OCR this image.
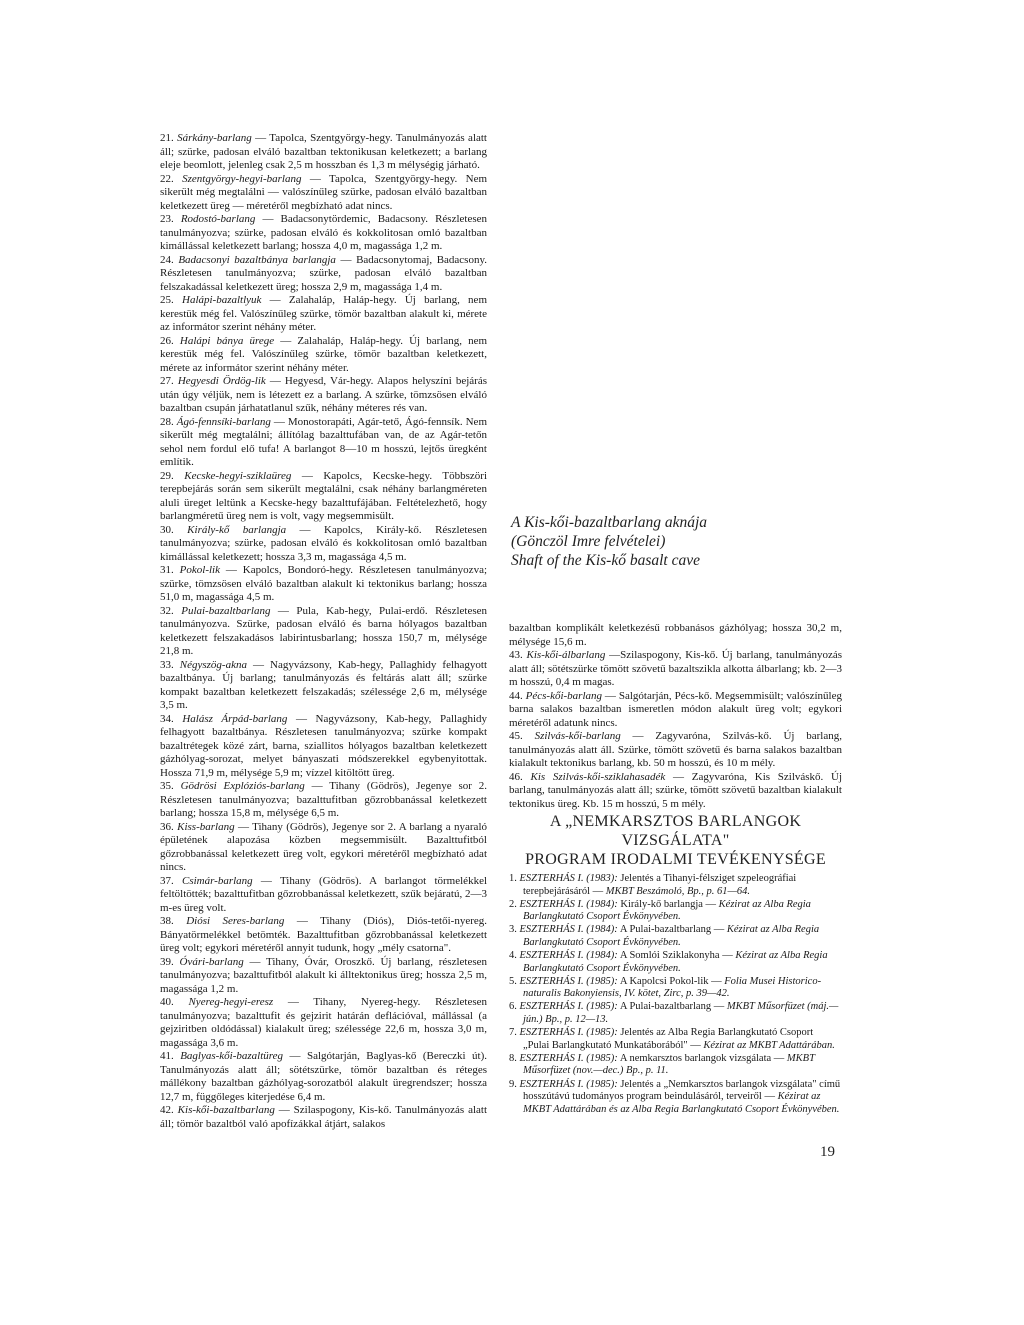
21. Sárkány-barlang — Tapolca, Szentgyörgy-hegy. Tanulmányozás alatt áll; szürke, padosan elváló bazaltban tektonikusan keletkezett; a barlang eleje beomlott, jelenleg csak 2,5 m hosszban és 1,3 m mélységig járható.
22. Szentgyörgy-hegyi-barlang — Tapolca, Szentgyörgy-hegy. Nem sikerült még megtalálni — valószínűleg szürke, padosan elváló bazaltban keletkezett üreg — méretéről megbízható adat nincs.
23. Rodostó-barlang — Badacsonytördemic, Badacsony. Részletesen tanulmányozva; szürke, padosan elváló és kokkolitosan omló bazaltban kimállással keletkezett barlang; hossza 4,0 m, magassága 1,2 m.
24. Badacsonyi bazaltbánya barlangja — Badacsonytomaj, Badacsony. Részletesen tanulmányozva; szürke, padosan elváló bazaltban felszakadással keletkezett üreg; hossza 2,9 m, magassága 1,4 m.
25. Halápi-bazaltlyuk — Zalahaláp, Haláp-hegy. Új barlang, nem kerestük még fel. Valószínűleg szürke, tömör bazaltban alakult ki, mérete az informátor szerint néhány méter.
26. Halápi bánya ürege — Zalahaláp, Haláp-hegy. Új barlang, nem kerestük még fel. Valószínűleg szürke, tömör bazaltban keletkezett, mérete az informátor szerint néhány méter.
27. Hegyesdi Ördög-lik — Hegyesd, Vár-hegy. Alapos helyszíni bejárás után úgy véljük, nem is létezett ez a barlang. A szürke, tömzsösen elváló bazaltban csupán járhatatlanul szűk, néhány méteres rés van.
28. Ágó-fennsíki-barlang — Monostorapáti, Agár-tető, Ágó-fennsík. Nem sikerült még megtalálni; állítólag bazalttufában van, de az Agár-tetőn sehol nem fordul elő tufa! A barlangot 8—10 m hosszú, lejtős üregként említik.
29. Kecske-hegyi-sziklaüreg — Kapolcs, Kecske-hegy. Többszöri terepbejárás során sem sikerült megtalálni, csak néhány barlangméreten aluli üreget leltünk a Kecske-hegy bazalttufájában. Feltételezhető, hogy barlangméretű üreg nem is volt, vagy megsemmisült.
30. Király-kő barlangja — Kapolcs, Király-kő. Részletesen tanulmányozva; szürke, padosan elváló és kokkolitosan omló bazaltban kimállással keletkezett; hossza 3,3 m, magassága 4,5 m.
31. Pokol-lik — Kapolcs, Bondoró-hegy. Részletesen tanulmányozva; szürke, tömzsösen elváló bazaltban alakult ki tektonikus barlang; hossza 51,0 m, magassága 4,5 m.
32. Pulai-bazaltbarlang — Pula, Kab-hegy, Pulai-erdő. Részletesen tanulmányozva. Szürke, padosan elváló és barna hólyagos bazaltban keletkezett felszakadásos labirintusbarlang; hossza 150,7 m, mélysége 21,8 m.
33. Négyszög-akna — Nagyvázsony, Kab-hegy, Pallaghidy felhagyott bazaltbánya. Új barlang; tanulmányozás és feltárás alatt áll; szürke kompakt bazaltban keletkezett felszakadás; szélessége 2,6 m, mélysége 3,5 m.
34. Halász Árpád-barlang — Nagyvázsony, Kab-hegy, Pallaghidy felhagyott bazaltbánya. Részletesen tanulmányozva; szürke kompakt bazaltrétegek közé zárt, barna, sziallitos hólyagos bazaltban keletkezett gázhólyag-sorozat, melyet bányaszati módszerekkel egybenyitottak. Hossza 71,9 m, mélysége 5,9 m; vízzel kitöltött üreg.
35. Gödrösi Explóziós-barlang — Tihany (Gödrös), Jegenye sor 2. Részletesen tanulmányozva; bazalttufitban gőzrobbanással keletkezett barlang; hossza 15,8 m, mélysége 6,5 m.
36. Kiss-barlang — Tihany (Gödrös), Jegenye sor 2. A barlang a nyaraló épületének alapozása közben megsemmisült. Bazalttufitból gőzrobbanással keletkezett üreg volt, egykori méretéről megbízható adat nincs.
37. Csimár-barlang — Tihany (Gödrös). A barlangot törmelékkel feltöltötték; bazalttufitban gőzrobbanással keletkezett, szűk bejáratú, 2—3 m-es üreg volt.
38. Diósi Seres-barlang — Tihany (Diós), Diós-tetői-nyereg. Bányatörmelékkel betömték. Bazalttufitban gőzrobbanással keletkezett üreg volt; egykori méretéről annyit tudunk, hogy „mély csatorna".
39. Óvári-barlang — Tihany, Óvár, Oroszkő. Új barlang, részletesen tanulmányozva; bazalttufitból alakult ki álltektonikus üreg; hossza 2,5 m, magassága 1,2 m.
40. Nyereg-hegyi-eresz — Tihany, Nyereg-hegy. Részletesen tanulmányozva; bazalttufit és gejzirit határán deflációval, mállással (a gejziritben oldódással) kialakult üreg; szélessége 22,6 m, hossza 3,0 m, magassága 3,6 m.
41. Baglyas-kői-bazaltüreg — Salgótarján, Baglyas-kő (Bereczki út). Tanulmányozás alatt áll; sötétszürke, tömör bazaltban és réteges mállékony bazaltban gázhólyag-sorozatból alakult üregrendszer; hossza 12,7 m, függőleges kiterjedése 6,4 m.
42. Kis-kői-bazaltbarlang — Szilaspogony, Kis-kő. Tanulmányozás alatt áll; tömör bazaltból való apofízákkal átjárt, salakos
A Kis-kői-bazaltbarlang aknája
(Gönczöl Imre felvételei)
Shaft of the Kis-kő basalt cave
bazaltban komplikált keletkezésű robbanásos gázhólyag; hossza 30,2 m, mélysége 15,6 m.
43. Kis-kői-álbarlang —Szilaspogony, Kis-kő. Új barlang, tanulmányozás alatt áll; sötétszürke tömött szövetű bazaltszikla alkotta álbarlang; kb. 2—3 m hosszú, 0,4 m magas.
44. Pécs-kői-barlang — Salgótarján, Pécs-kő. Megsemmisült; valószínűleg barna salakos bazaltban ismeretlen módon alakult üreg volt; egykori méretéről adatunk nincs.
45. Szilvás-kői-barlang — Zagyvaróna, Szilvás-kő. Új barlang, tanulmányozás alatt áll. Szürke, tömött szövetű és barna salakos bazaltban kialakult tektonikus barlang, kb. 50 m hosszú, és 10 m mély.
46. Kis Szilvás-kői-sziklahasadék — Zagyvaróna, Kis Szilváskő. Új barlang, tanulmányozás alatt áll; szürke, tömött szövetű bazaltban kialakult tektonikus üreg. Kb. 15 m hosszú, 5 m mély.
A „NEMKARSZTOS BARLANGOK
VIZSGÁLATA"
PROGRAM IRODALMI TEVÉKENYSÉGE
1. ESZTERHÁS I. (1983): Jelentés a Tihanyi-félsziget szpeleográfiai terepbejárásáról — MKBT Beszámoló, Bp., p. 61—64.
2. ESZTERHÁS I. (1984): Király-kő barlangja — Kézirat az Alba Regia Barlangkutató Csoport Évkönyvében.
3. ESZTERHÁS I. (1984): A Pulai-bazaltbarlang — Kézirat az Alba Regia Barlangkutató Csoport Évkönyvében.
4. ESZTERHÁS I. (1984): A Somlói Sziklakonyha — Kézirat az Alba Regia Barlangkutató Csoport Évkönyvében.
5. ESZTERHÁS I. (1985): A Kapolcsi Pokol-lik — Folia Musei Historico-naturalis Bakonyiensis, IV. kötet, Zirc, p. 39—42.
6. ESZTERHÁS I. (1985): A Pulai-bazaltbarlang — MKBT Műsorfüzet (máj.—jún.) Bp., p. 12—13.
7. ESZTERHÁS I. (1985): Jelentés az Alba Regia Barlangkutató Csoport „Pulai Barlangkutató Munkatáborából" — Kézirat az MKBT Adattárában.
8. ESZTERHÁS I. (1985): A nemkarsztos barlangok vizsgálata — MKBT Műsorfüzet (nov.—dec.) Bp., p. 11.
9. ESZTERHÁS I. (1985): Jelentés a „Nemkarsztos barlangok vizsgálata" című hosszútávú tudományos program beindulásáról, terveiről — Kézirat az MKBT Adattárában és az Alba Regia Barlangkutató Csoport Évkönyvében.
19
